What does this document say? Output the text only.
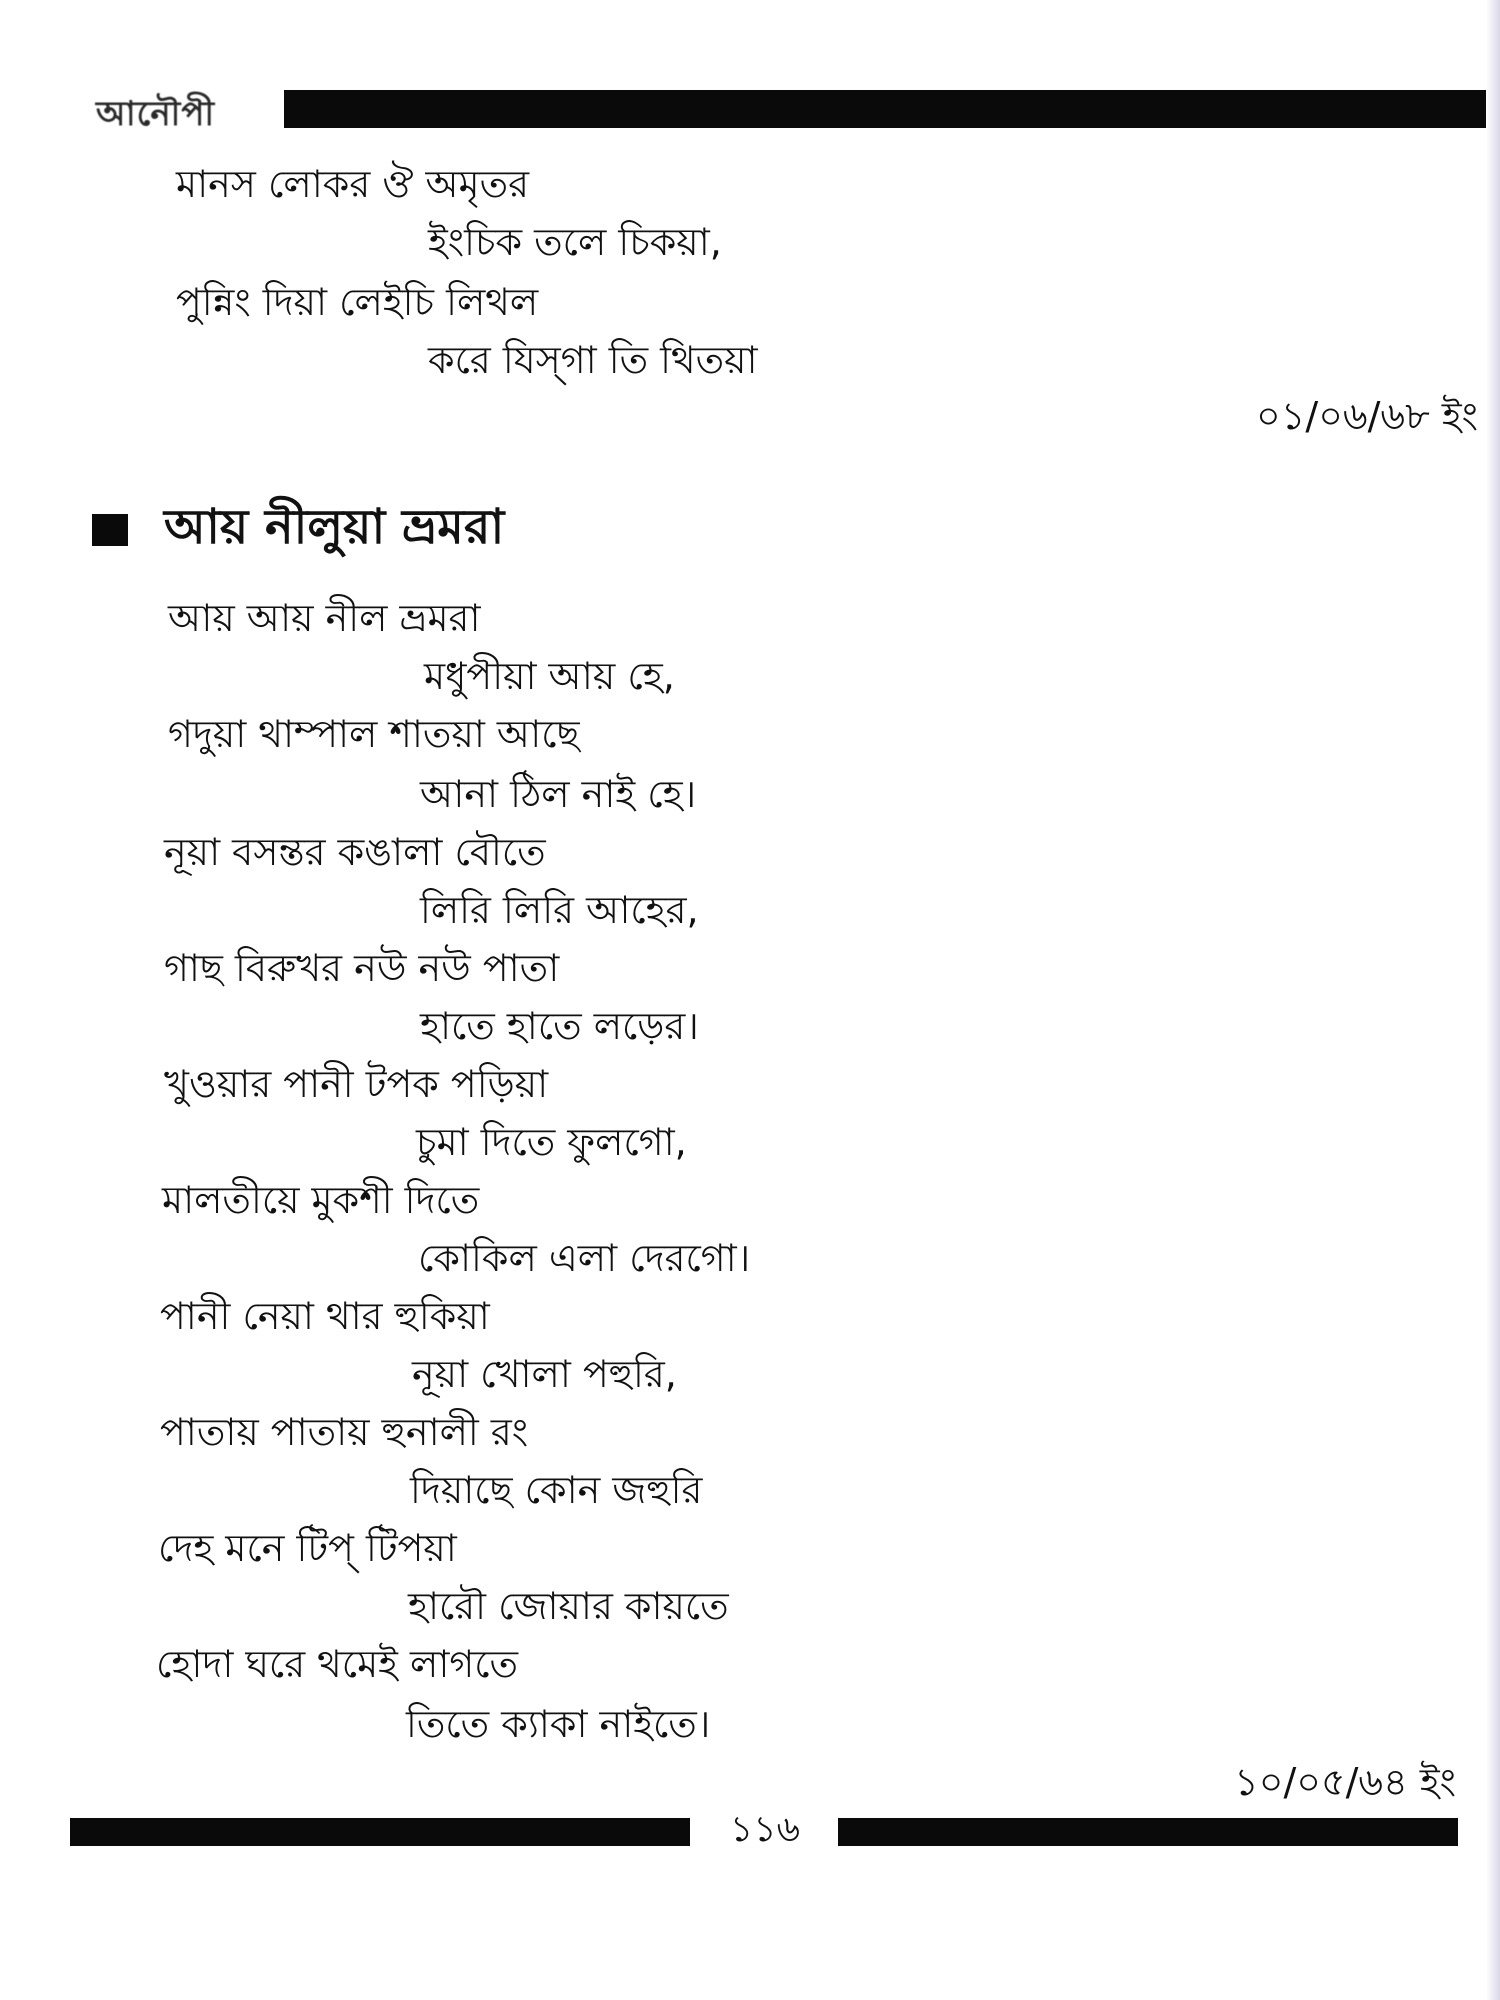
আনৌপী
মানস লোকর ঔ অমৃতর
ইংচিক তলে চিকয়া,
পুন্নিং দিয়া লেইচি লিথল
করে যিস্গা তি থিতয়া
০১/০৬/৬৮ ইং
আয় নীলুয়া ভ্রমরা
আয় আয় নীল ভ্রমরা
মধুপীয়া আয় হে,
গদুয়া থাম্পাল শাতয়া আছে
আনা ঠিল নাই হে।
নূয়া বসন্তর কঙালা বৌতে
লিরি লিরি আহের,
গাছ বিরুখর নউ নউ পাতা
হাতে হাতে লড়ের।
খুওয়ার পানী টপক পড়িয়া
চুমা দিতে ফুলগো,
মালতীয়ে মুকশী দিতে
কোকিল এলা দেরগো।
পানী নেয়া থার হুকিয়া
নূয়া খোলা পহুরি,
পাতায় পাতায় হুনালী রং
দিয়াছে কোন জহুরি
দেহ মনে টিপ্ টিপয়া
হারৌ জোয়ার কায়তে
হোদা ঘরে থমেই লাগতে
তিতে ক্যাকা নাইতে।
১০/০৫/৬৪ ইং
১১৬
